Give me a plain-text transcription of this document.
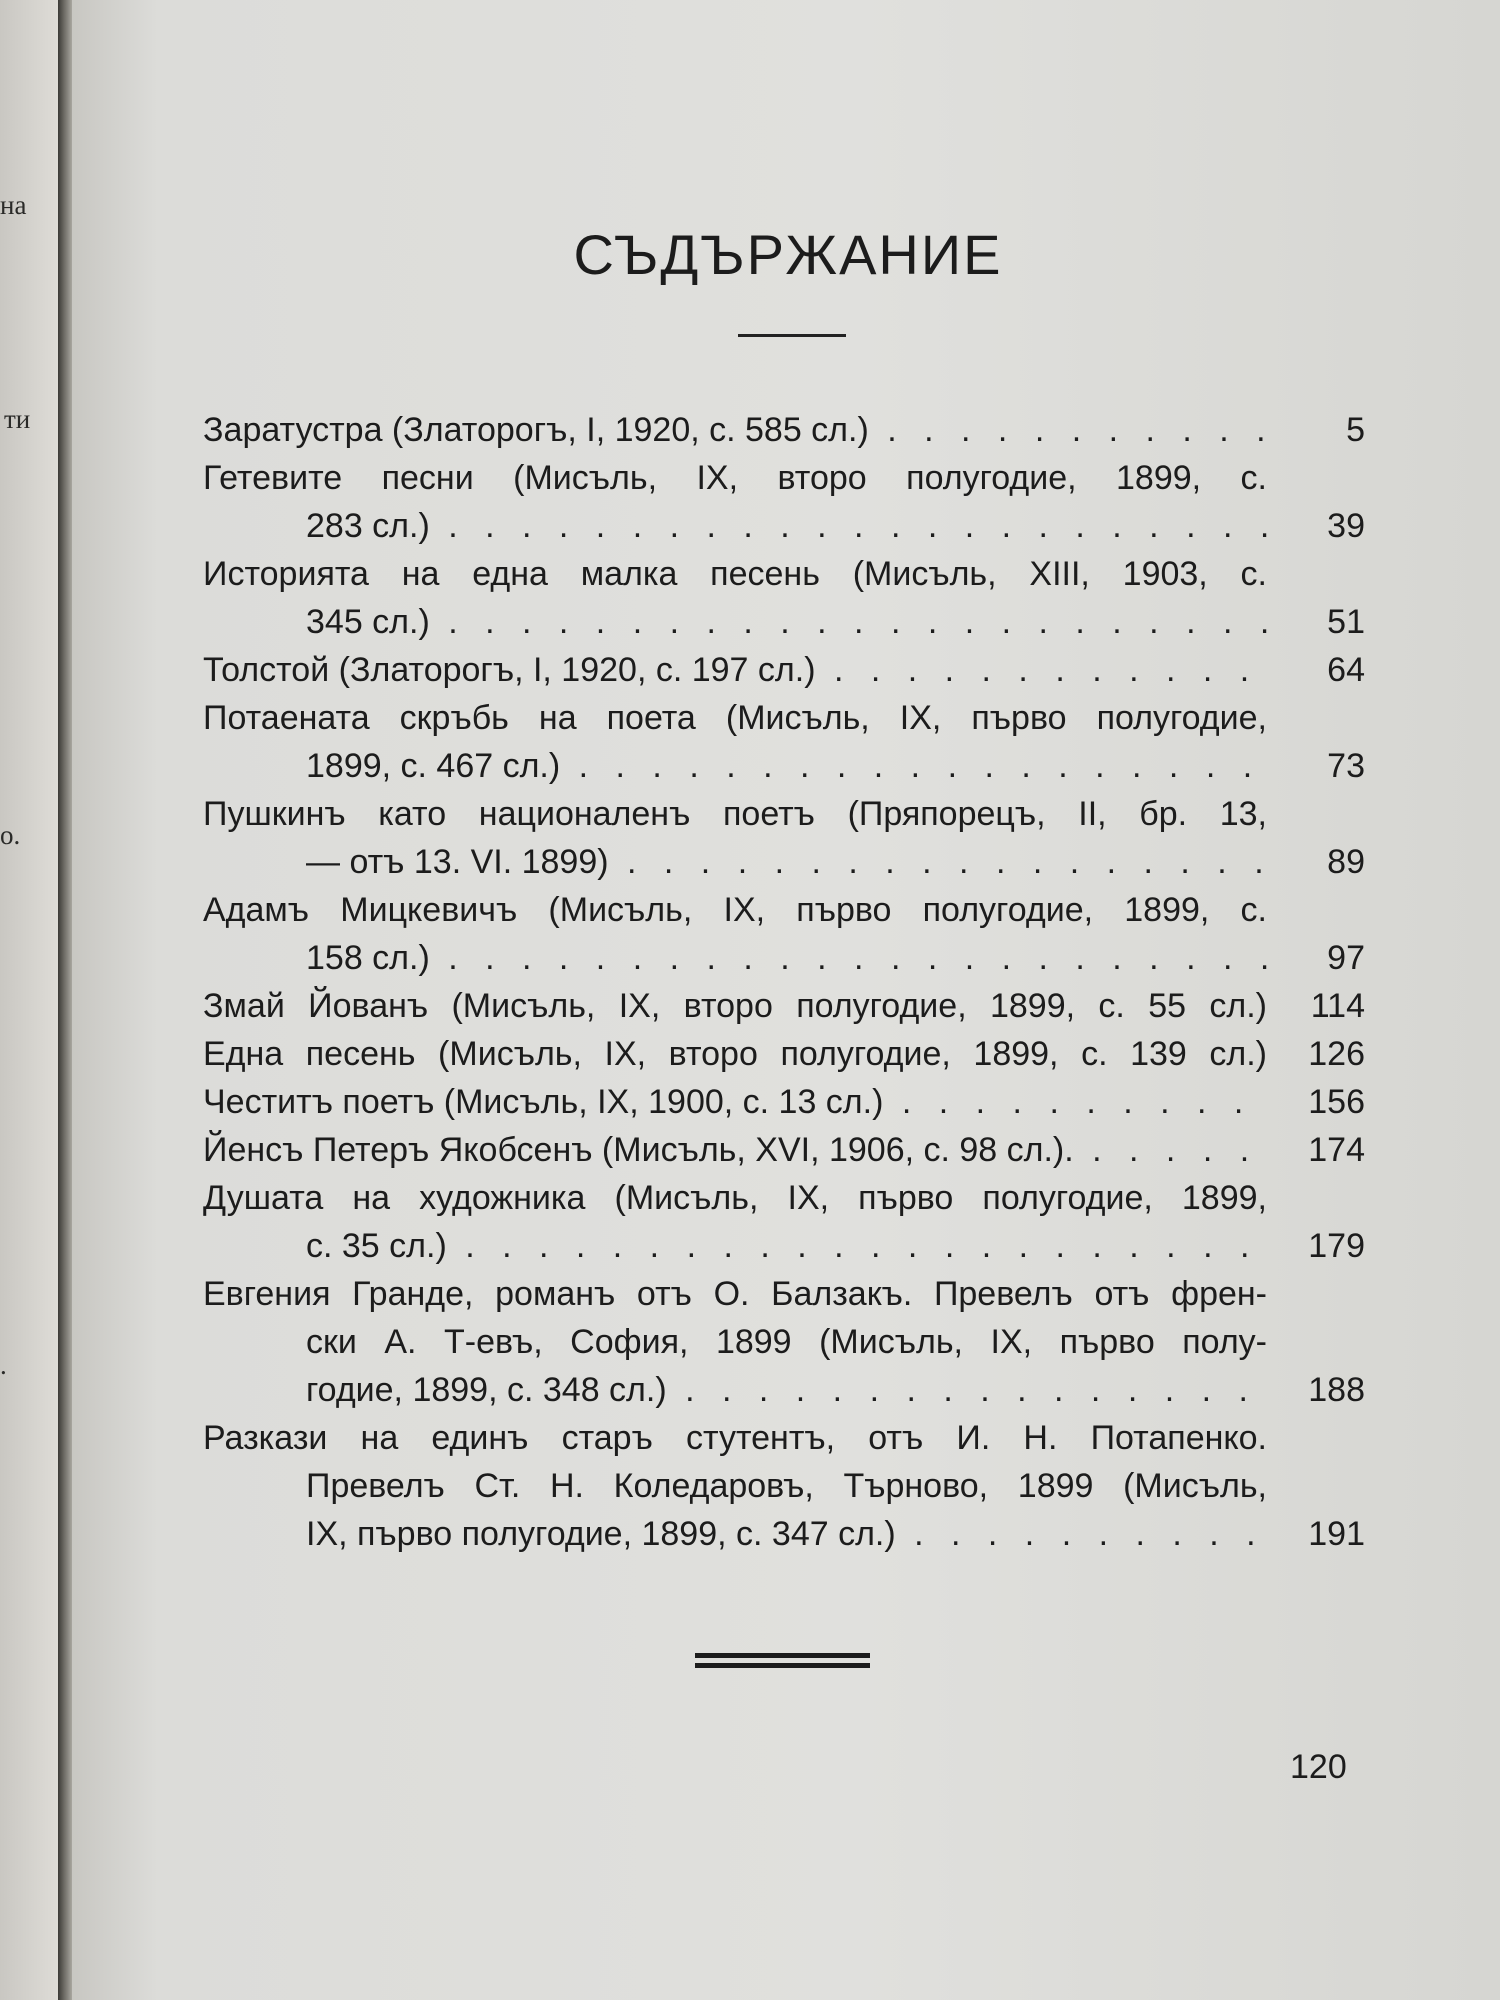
на
ти
о.
.
СЪДЪРЖАНИЕ
Заратустра (Златорогъ, I, 1920, с. 585 сл.) . . .	5
Гетевите песни (Мисъль, IX, второ полугодие, 1899, с.
283 сл.) . . .	39
Историята на една малка песень (Мисъль, XIII, 1903, с.
345 сл.) . . .	51
Толстой (Златорогъ, I, 1920, с. 197 сл.) . . .	64
Потаената скръбь на поета (Мисъль, IX, първо полугодие,
1899, с. 467 сл.) . . .	73
Пушкинъ като националенъ поетъ (Пряпорецъ, II, бр. 13,
— отъ 13. VI. 1899) . . .	89
Адамъ Мицкевичъ (Мисъль, IX, първо полугодие, 1899, с.
158 сл.) . . .	97
Змай Йованъ (Мисъль, IX, второ полугодие, 1899, с. 55 сл.) 114
Една песень (Мисъль, IX, второ полугодие, 1899, с. 139 сл.) 126
Честитъ поетъ (Мисъль, IX, 1900, с. 13 сл.) . . .	156
Йенсъ Петеръ Якобсенъ (Мисъль, XVI, 1906, с. 98 сл.). . . .	174
Душата на художника (Мисъль, IX, първо полугодие, 1899,
с. 35 сл.) . . .	179
Евгения Гранде, романъ отъ О. Балзакъ. Превелъ отъ френ-
ски А. Т-евъ, София, 1899 (Мисъль, IX, първо полу-
годие, 1899, с. 348 сл.) . . .	188
Разкази на единъ старъ стутентъ, отъ И. Н. Потапенко.
Превелъ Ст. Н. Коледаровъ, Търново, 1899 (Мисъль,
IX, първо полугодие, 1899, с. 347 сл.) . . .	191
120
